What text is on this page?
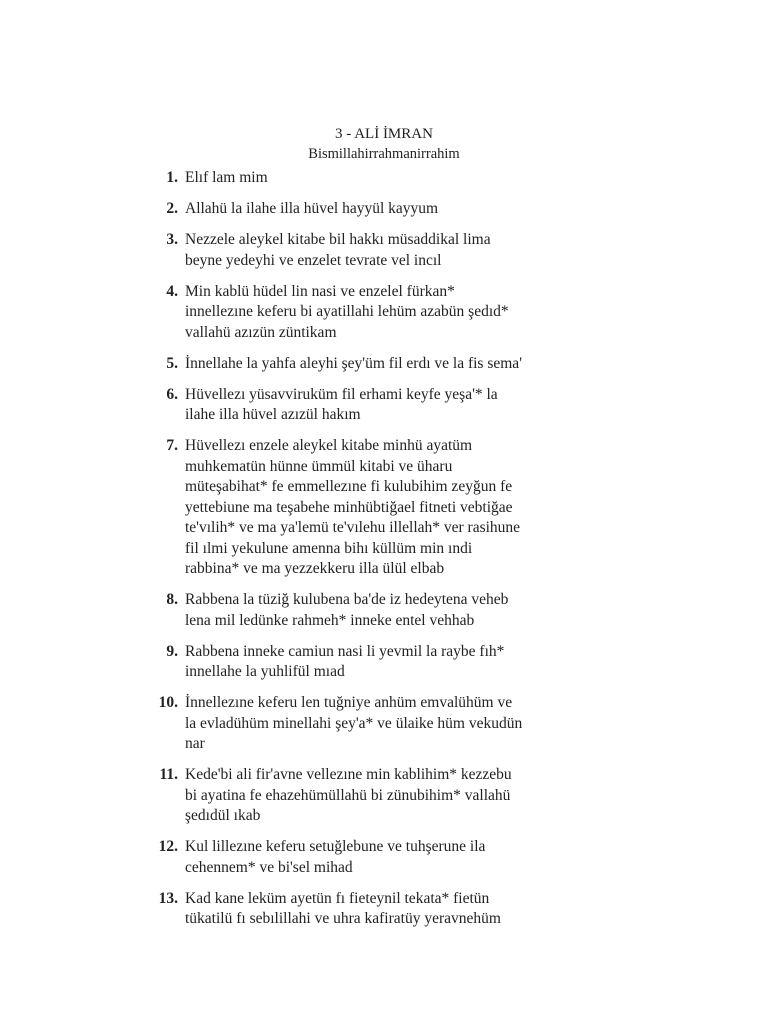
3 - ALİ İMRAN
Bismillahirrahmanirrahim
1. Elıf lam mim
2. Allahü la ilahe illa hüvel hayyül kayyum
3. Nezzele aleykel kitabe bil hakkı müsaddikal lima
beyne yedeyhi ve enzelet tevrate vel incıl
4. Min kablü hüdel lin nasi ve enzelel fürkan*
innellezıne keferu bi ayatillahi lehüm azabün şedıd*
vallahü azızün züntikam
5. İnnellahe la yahfa aleyhi şey'üm fil erdı ve la fis sema'
6. Hüvellezı yüsavviruküm fil erhami keyfe yeşa'* la
ilahe illa hüvel azızül hakım
7. Hüvellezı enzele aleykel kitabe minhü ayatüm
muhkematün hünne ümmül kitabi ve üharu
müteşabihat* fe emmellezıne fi kulubihim zeyğun fe
yettebiune ma teşabehe minhübtiğael fitneti vebtiğae
te'vılih* ve ma ya'lemü te'vılehu illellah* ver rasihune
fil ılmi yekulune amenna bihı küllüm min ındi
rabbina* ve ma yezzekkeru illa ülül elbab
8. Rabbena la tüziğ kulubena ba'de iz hedeytena veheb
lena mil ledünke rahmeh* inneke entel vehhab
9. Rabbena inneke camiun nasi li yevmil la raybe fıh*
innellahe la yuhlifül mıad
10. İnnellezıne keferu len tuğniye anhüm emvalühüm ve
la evladühüm minellahi şey'a* ve ülaike hüm vekudün
nar
11. Kede'bi ali fir'avne vellezıne min kablihim* kezzebu
bi ayatina fe ehazehümüllahü bi zünubihim* vallahü
şedıdül ıkab
12. Kul lillezıne keferu setuğlebune ve tuhşerune ila
cehennem* ve bi'sel mihad
13. Kad kane leküm ayetün fı fieteynil tekata* fietün
tükatilü fı sebılillahi ve uhra kafiratüy yeravnehüm
